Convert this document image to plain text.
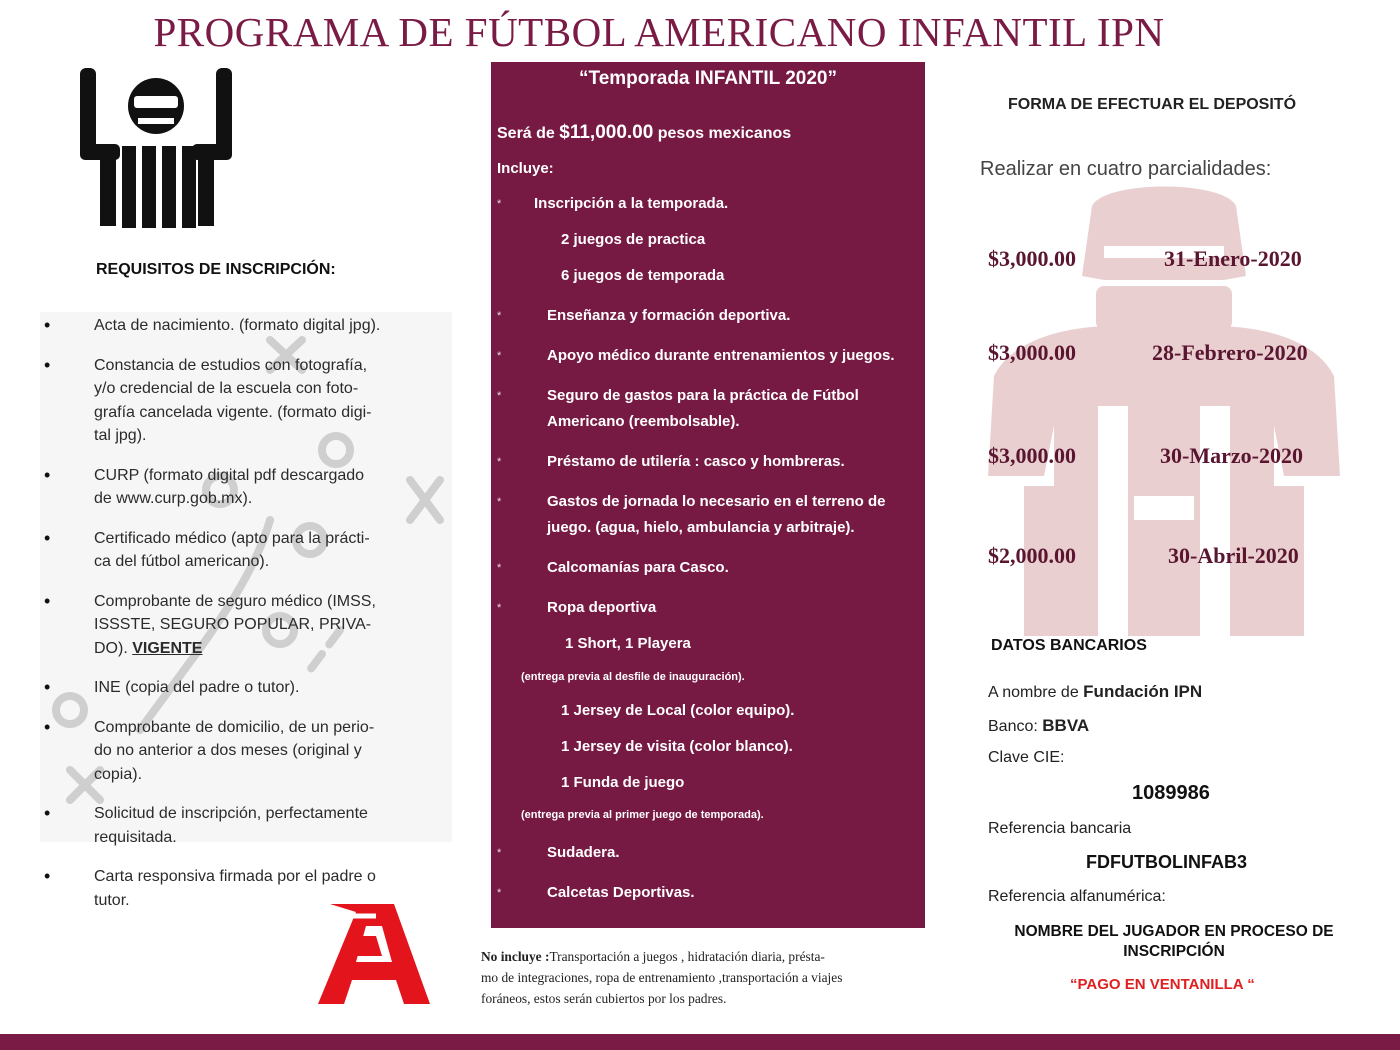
PROGRAMA DE FÚTBOL AMERICANO INFANTIL IPN
REQUISITOS DE INSCRIPCIÓN:
•	Acta de nacimiento. (formato digital jpg).
•	Constancia de estudios con fotografía,
y/o credencial de la escuela con foto-
grafía cancelada vigente. (formato digi-
tal jpg).
•	CURP (formato digital pdf descargado
de www.curp.gob.mx).
•	Certificado médico (apto para la prácti-
ca del fútbol americano).
•	Comprobante de seguro médico (IMSS,
ISSSTE, SEGURO POPULAR, PRIVA-
DO). VIGENTE
•	INE (copia del padre o tutor).
•	Comprobante de domicilio, de un perio-
do no anterior a dos meses (original y
copia).
•	Solicitud de inscripción, perfectamente
requisitada.
•	Carta responsiva firmada por el padre o
tutor.
“Temporada INFANTIL 2020”
Será de $11,000.00 pesos mexicanos
Incluye:
* Inscripción a la temporada.
2 juegos de practica
6 juegos de temporada
*	Enseñanza y formación deportiva.
*	Apoyo médico durante entrenamientos y juegos.
*	Seguro de gastos para la práctica de Fútbol
Americano (reembolsable).
*	Préstamo de utilería : casco y hombreras.
*	Gastos de jornada lo necesario en el terreno de
juego. (agua, hielo, ambulancia y arbitraje).
*	Calcomanías para Casco.
*	Ropa deportiva
1 Short, 1 Playera
(entrega previa al desfile de inauguración).
1 Jersey de Local (color equipo).
1 Jersey de visita (color blanco).
1 Funda de juego
(entrega previa al primer juego de temporada).
*	Sudadera.
*	Calcetas Deportivas.
No incluye :Transportación a juegos , hidratación diaria, présta-
mo de integraciones, ropa de entrenamiento ,transportación a viajes
foráneos, estos serán cubiertos por los padres.
FORMA DE EFECTUAR EL DEPOSITÓ
Realizar en cuatro parcialidades:
$3,000.00	31-Enero-2020
$3,000.00	28-Febrero-2020
$3,000.00	30-Marzo-2020
$2,000.00	30-Abril-2020
DATOS BANCARIOS
A nombre de Fundación IPN
Banco: BBVA
Clave CIE:
1089986
Referencia bancaria
FDFUTBOLINFAB3
Referencia alfanumérica:
NOMBRE DEL JUGADOR EN PROCESO DE INSCRIPCIÓN
“PAGO EN VENTANILLA “
